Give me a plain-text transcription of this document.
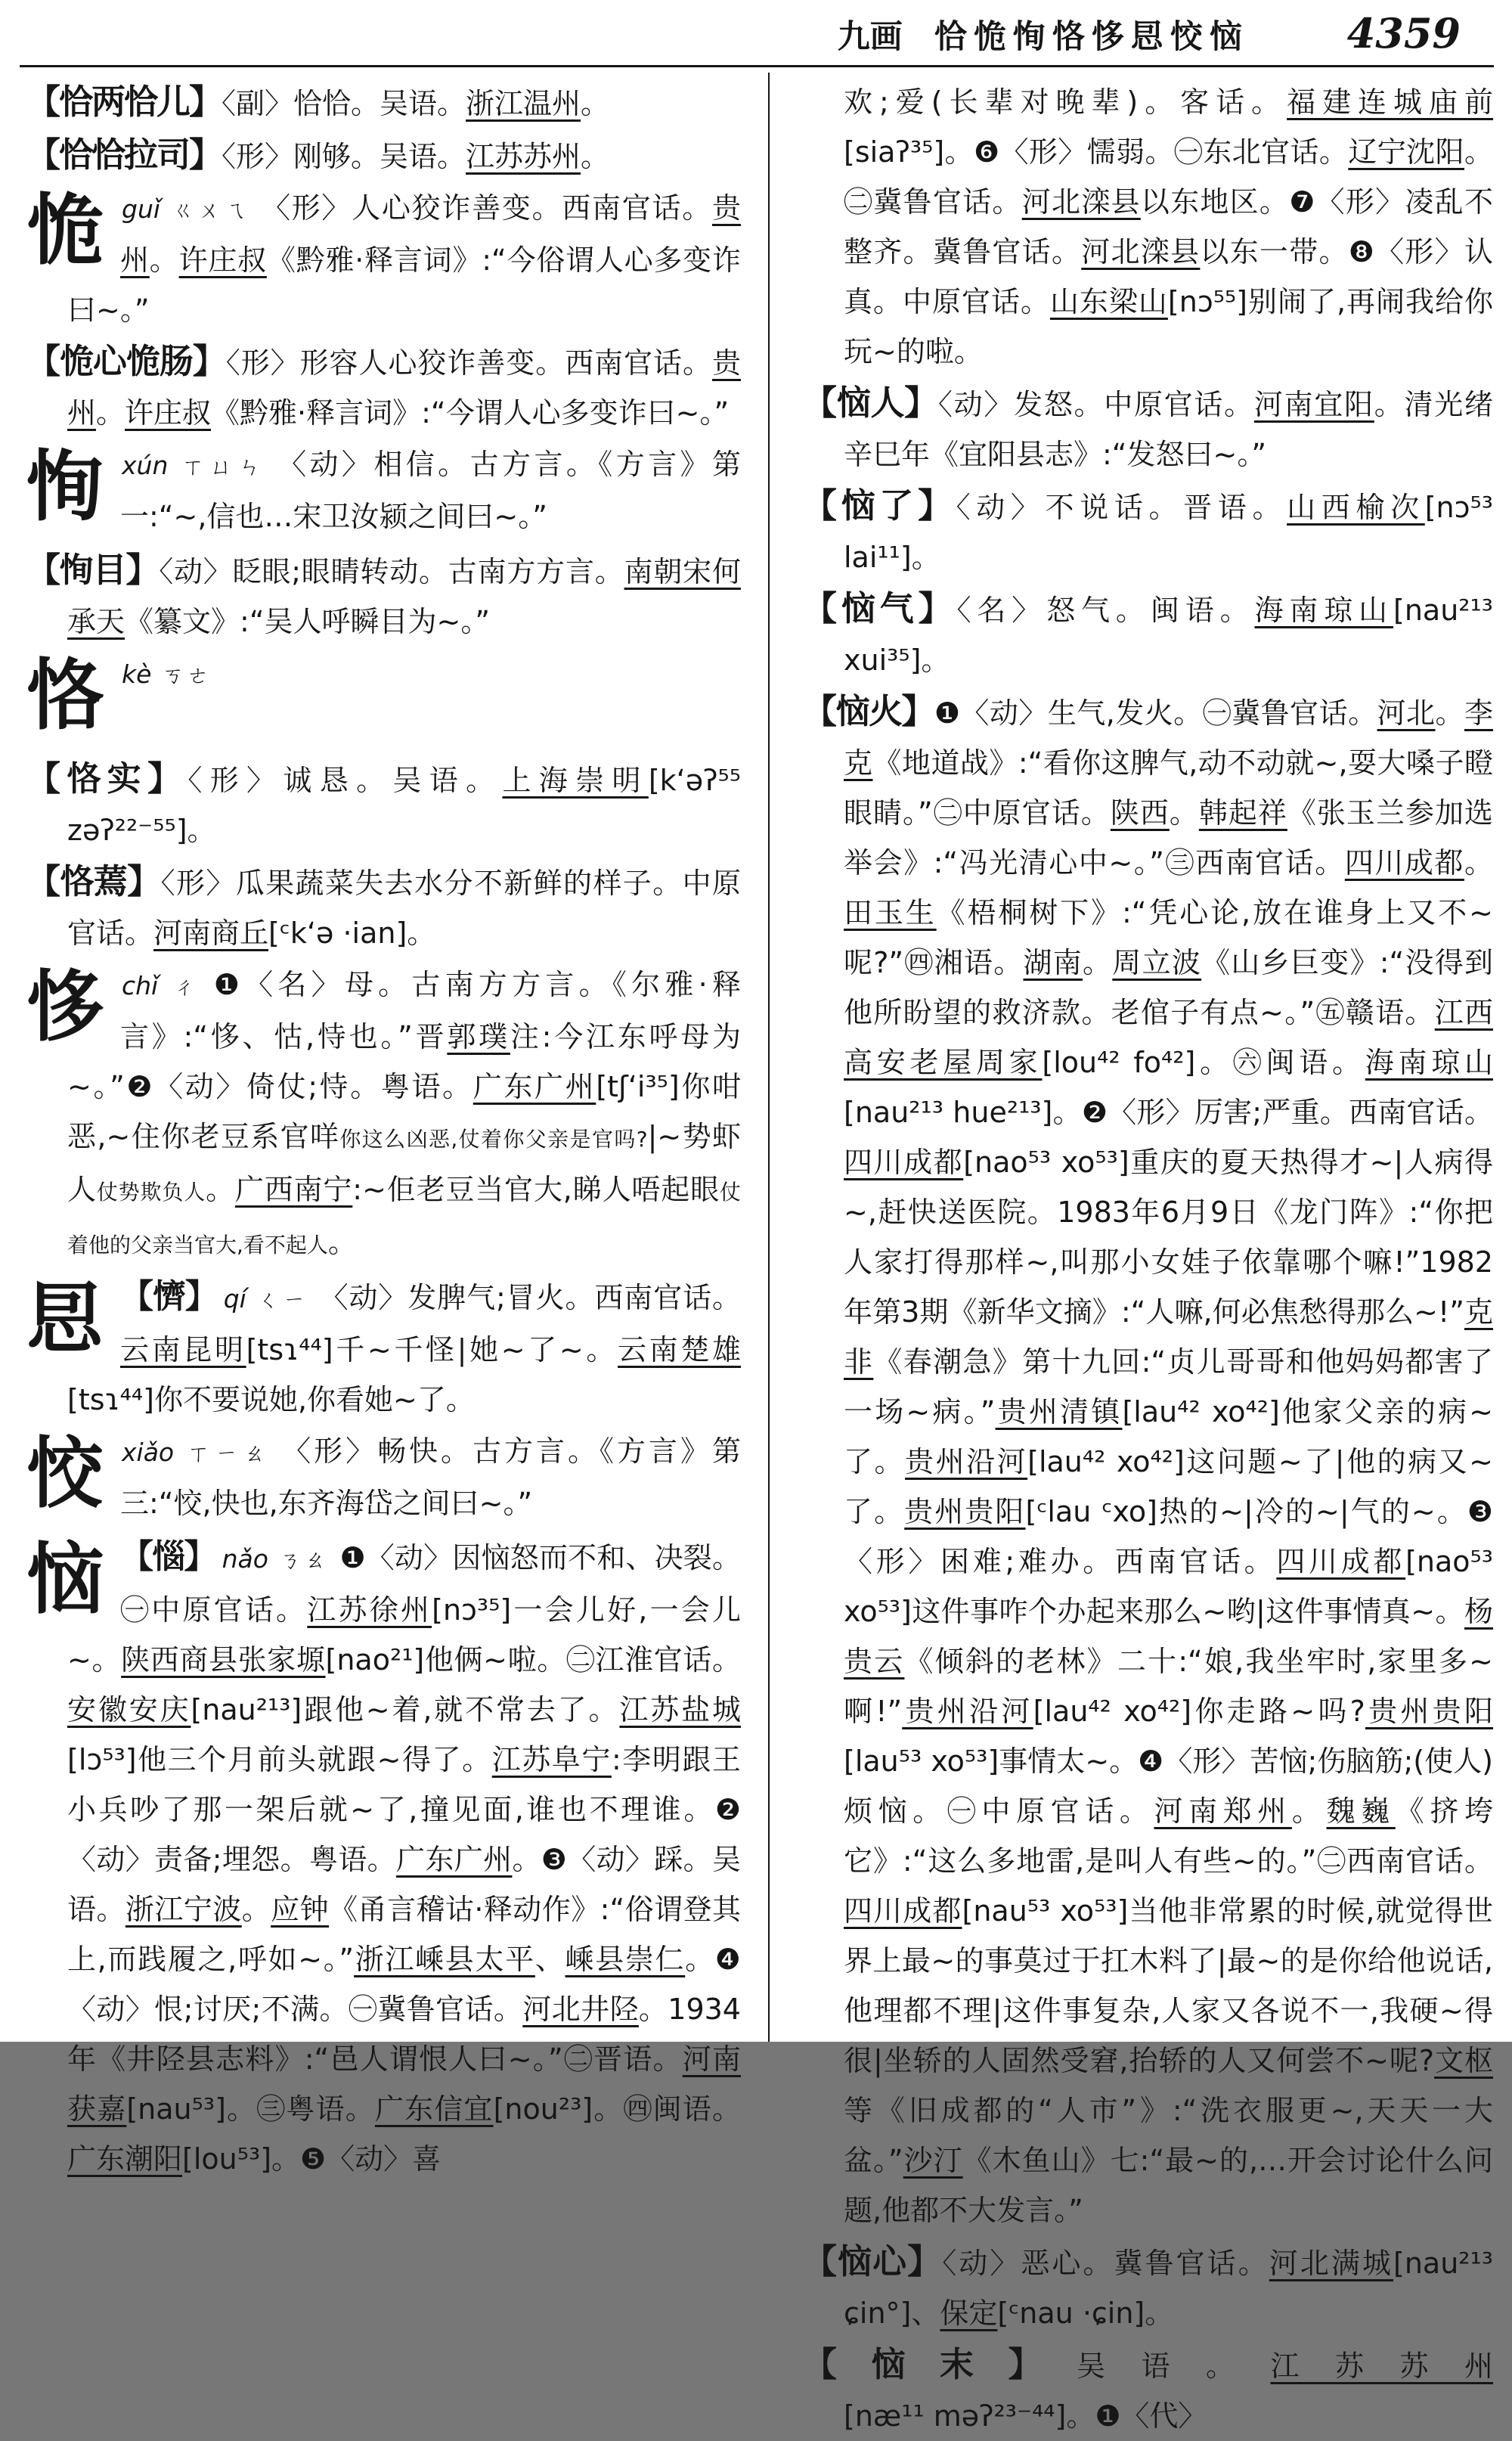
九画 恰恑恂恪恀㤙恔恼 4359
【恰两恰儿】〈副〉恰恰。吴语。浙江温州。
【恰恰拉司】〈形〉刚够。吴语。江苏苏州。
恑guǐ ㄍㄨㄟ 〈形〉人心狡诈善变。西南官话。贵州。许庄叔《黔雅·释言词》:“今俗谓人心多变诈曰~。”
【恑心恑肠】〈形〉形容人心狡诈善变。西南官话。贵州。许庄叔《黔雅·释言词》:“今谓人心多变诈曰~。”
恂xún ㄒㄩㄣ 〈动〉相信。古方言。《方言》第一:“~,信也…宋卫汝颍之间曰~。”
【恂目】〈动〉眨眼;眼睛转动。古南方方言。南朝宋何承天《纂文》:“吴人呼瞬目为~。”
恪kè ㄎㄜ
【恪实】〈形〉诚恳。吴语。上海崇明[kʻəʔ⁵⁵ zəʔ²²⁻⁵⁵]。
【恪蔫】〈形〉瓜果蔬菜失去水分不新鲜的样子。中原官话。河南商丘[ᶜkʻə ·ian]。
恀chǐ ㄔ ❶〈名〉母。古南方方言。《尔雅·释言》:“恀、怙,恃也。”晋郭璞注:今江东呼母为~。”❷〈动〉倚仗;恃。粤语。广东广州[tʃʻi³⁵]你咁恶,~住你老豆系官咩你这么凶恶,仗着你父亲是官吗?|~势虾人仗势欺负人。广西南宁:~佢老豆当官大,睇人唔起眼仗着他的父亲当官大,看不起人。
㤙 【懠】 qí ㄑㄧ 〈动〉发脾气;冒火。西南官话。云南昆明[tsɿ⁴⁴]千~千怪|她~了~。云南楚雄[tsɿ⁴⁴]你不要说她,你看她~了。
恔xiǎo ㄒㄧㄠ 〈形〉畅快。古方言。《方言》第三:“恔,快也,东齐海岱之间曰~。”
恼 【惱】 nǎo ㄋㄠ ❶〈动〉因恼怒而不和、决裂。㊀中原官话。江苏徐州[nɔ³⁵]一会儿好,一会儿~。陕西商县张家塬[nao²¹]他俩~啦。㊁江淮官话。安徽安庆[nau²¹³]跟他~着,就不常去了。江苏盐城[lɔ⁵³]他三个月前头就跟~得了。江苏阜宁:李明跟王小兵吵了那一架后就~了,撞见面,谁也不理谁。❷〈动〉责备;埋怨。粤语。广东广州。❸〈动〉踩。吴语。浙江宁波。应钟《甬言稽诂·释动作》:“俗谓登其上,而践履之,呼如~。”浙江嵊县太平、嵊县崇仁。❹〈动〉恨;讨厌;不满。㊀冀鲁官话。河北井陉。1934年《井陉县志料》:“邑人谓恨人曰~。”㊁晋语。河南获嘉[nau⁵³]。㊂粤语。广东信宜[nou²³]。㊃闽语。广东潮阳[lou⁵³]。❺〈动〉喜
欢;爱(长辈对晚辈)。客话。福建连城庙前[siaʔ³⁵]。❻〈形〉懦弱。㊀东北官话。辽宁沈阳。㊁冀鲁官话。河北滦县以东地区。❼〈形〉凌乱不整齐。冀鲁官话。河北滦县以东一带。❽〈形〉认真。中原官话。山东梁山[nɔ⁵⁵]别闹了,再闹我给你玩~的啦。
【恼人】〈动〉发怒。中原官话。河南宜阳。清光绪辛巳年《宜阳县志》:“发怒曰~。”
【恼了】〈动〉不说话。晋语。山西榆次[nɔ⁵³ lai¹¹]。
【恼气】〈名〉怒气。闽语。海南琼山[nau²¹³ xui³⁵]。
【恼火】❶〈动〉生气,发火。㊀冀鲁官话。河北。李克《地道战》:“看你这脾气,动不动就~,耍大嗓子瞪眼睛。”㊁中原官话。陕西。韩起祥《张玉兰参加选举会》:“冯光清心中~。”㊂西南官话。四川成都。田玉生《梧桐树下》:“凭心论,放在谁身上又不~呢?”㊃湘语。湖南。周立波《山乡巨变》:“没得到他所盼望的救济款。老倌子有点~。”㊄赣语。江西高安老屋周家[lou⁴² fo⁴²]。㊅闽语。海南琼山[nau²¹³ hue²¹³]。❷〈形〉厉害;严重。西南官话。四川成都[nao⁵³ xo⁵³]重庆的夏天热得才~|人病得~,赶快送医院。1983年6月9日《龙门阵》:“你把人家打得那样~,叫那小女娃子依靠哪个嘛!”1982年第3期《新华文摘》:“人嘛,何必焦愁得那么~!”克非《春潮急》第十九回:“贞儿哥哥和他妈妈都害了一场~病。”贵州清镇[lau⁴² xo⁴²]他家父亲的病~了。贵州沿河[lau⁴² xo⁴²]这问题~了|他的病又~了。贵州贵阳[ᶜlau ᶜxo]热的~|冷的~|气的~。❸〈形〉困难;难办。西南官话。四川成都[nao⁵³ xo⁵³]这件事咋个办起来那么~哟|这件事情真~。杨贵云《倾斜的老林》二十:“娘,我坐牢时,家里多~啊!”贵州沿河[lau⁴² xo⁴²]你走路~吗?贵州贵阳[lau⁵³ xo⁵³]事情太~。❹〈形〉苦恼;伤脑筋;(使人)烦恼。㊀中原官话。河南郑州。魏巍《挤垮它》:“这么多地雷,是叫人有些~的。”㊁西南官话。四川成都[nau⁵³ xo⁵³]当他非常累的时候,就觉得世界上最~的事莫过于扛木料了|最~的是你给他说话,他理都不理|这件事复杂,人家又各说不一,我硬~得很|坐轿的人固然受窘,抬轿的人又何尝不~呢?文枢等《旧成都的“人市”》:“洗衣服更~,天天一大盆。”沙汀《木鱼山》七:“最~的,…开会讨论什么问题,他都不大发言。”
【恼心】〈动〉恶心。冀鲁官话。河北满城[nau²¹³ ɕin°]、保定[ᶜnau ·ɕin]。
【恼末】吴语。江苏苏州[næ¹¹ məʔ²³⁻⁴⁴]。❶〈代〉
